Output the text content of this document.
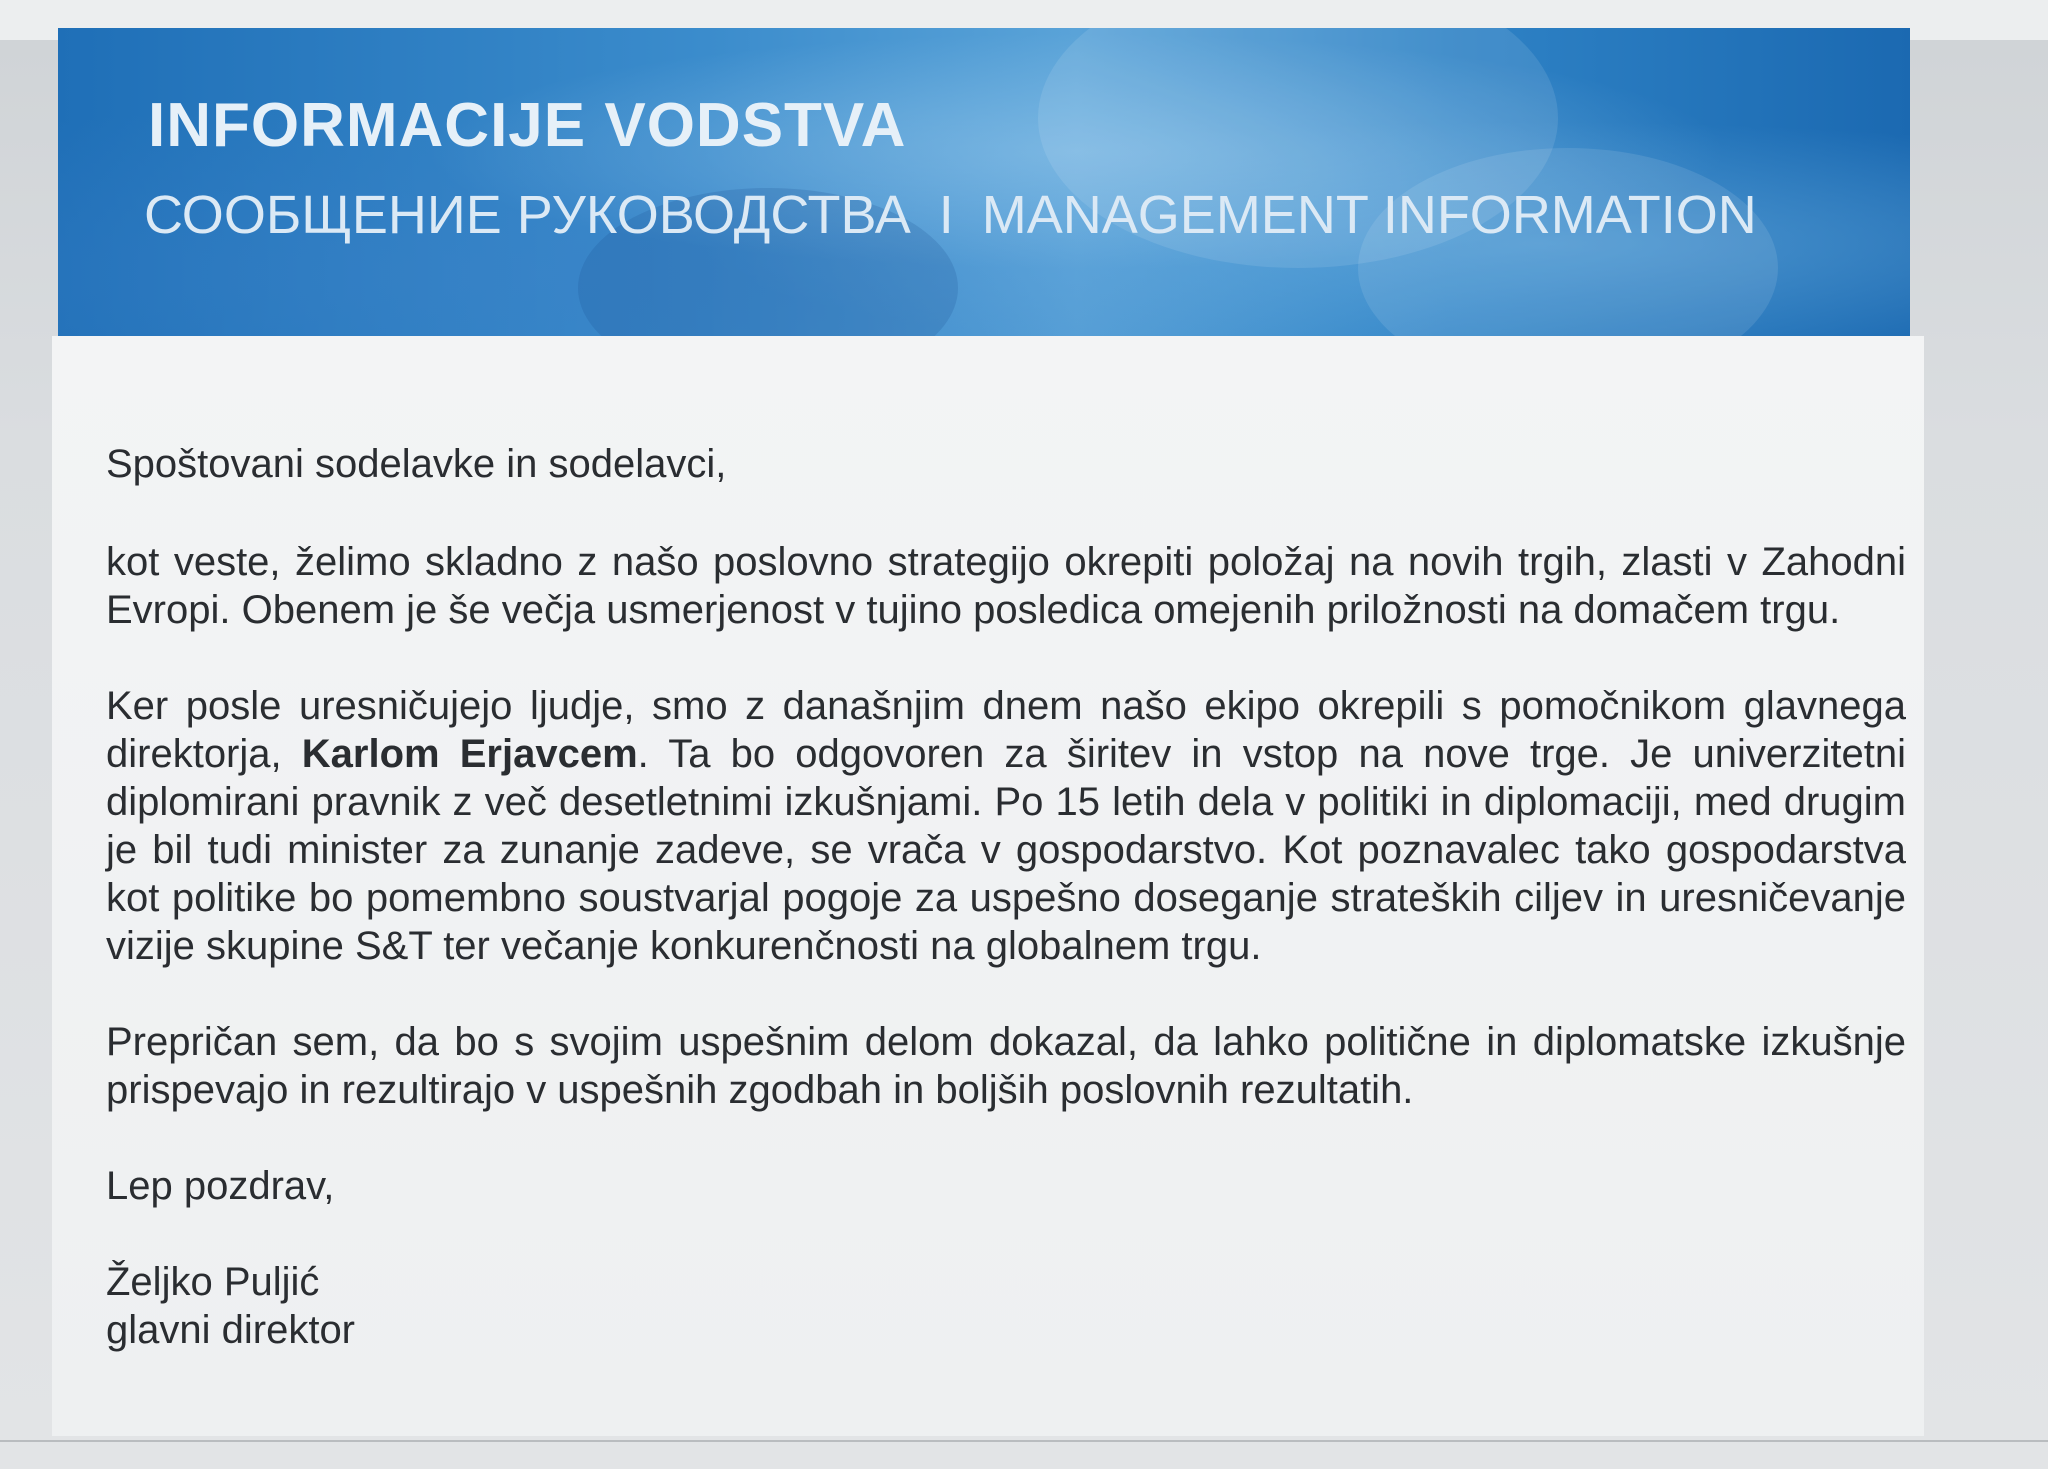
INFORMACIJE VODSTVA
СООБЩЕНИЕ РУКОВОДСТВА I MANAGEMENT INFORMATION

Spoštovani sodelavke in sodelavci,

kot veste, želimo skladno z našo poslovno strategijo okrepiti položaj na novih trgih, zlasti v Zahodni Evropi. Obenem je še večja usmerjenost v tujino posledica omejenih priložnosti na domačem trgu.

Ker posle uresničujejo ljudje, smo z današnjim dnem našo ekipo okrepili s pomočnikom glavnega direktorja, Karlom Erjavcem. Ta bo odgovoren za širitev in vstop na nove trge. Je univerzitetni diplomirani pravnik z več desetletnimi izkušnjami. Po 15 letih dela v politiki in diplomaciji, med drugim je bil tudi minister za zunanje zadeve, se vrača v gospodarstvo. Kot poznavalec tako gospodarstva kot politike bo pomembno soustvarjal pogoje za uspešno doseganje strateških ciljev in uresničevanje vizije skupine S&T ter večanje konkurenčnosti na globalnem trgu.

Prepričan sem, da bo s svojim uspešnim delom dokazal, da lahko politične in diplomatske izkušnje prispevajo in rezultirajo v uspešnih zgodbah in boljših poslovnih rezultatih.

Lep pozdrav,

Željko Puljić

glavni direktor
